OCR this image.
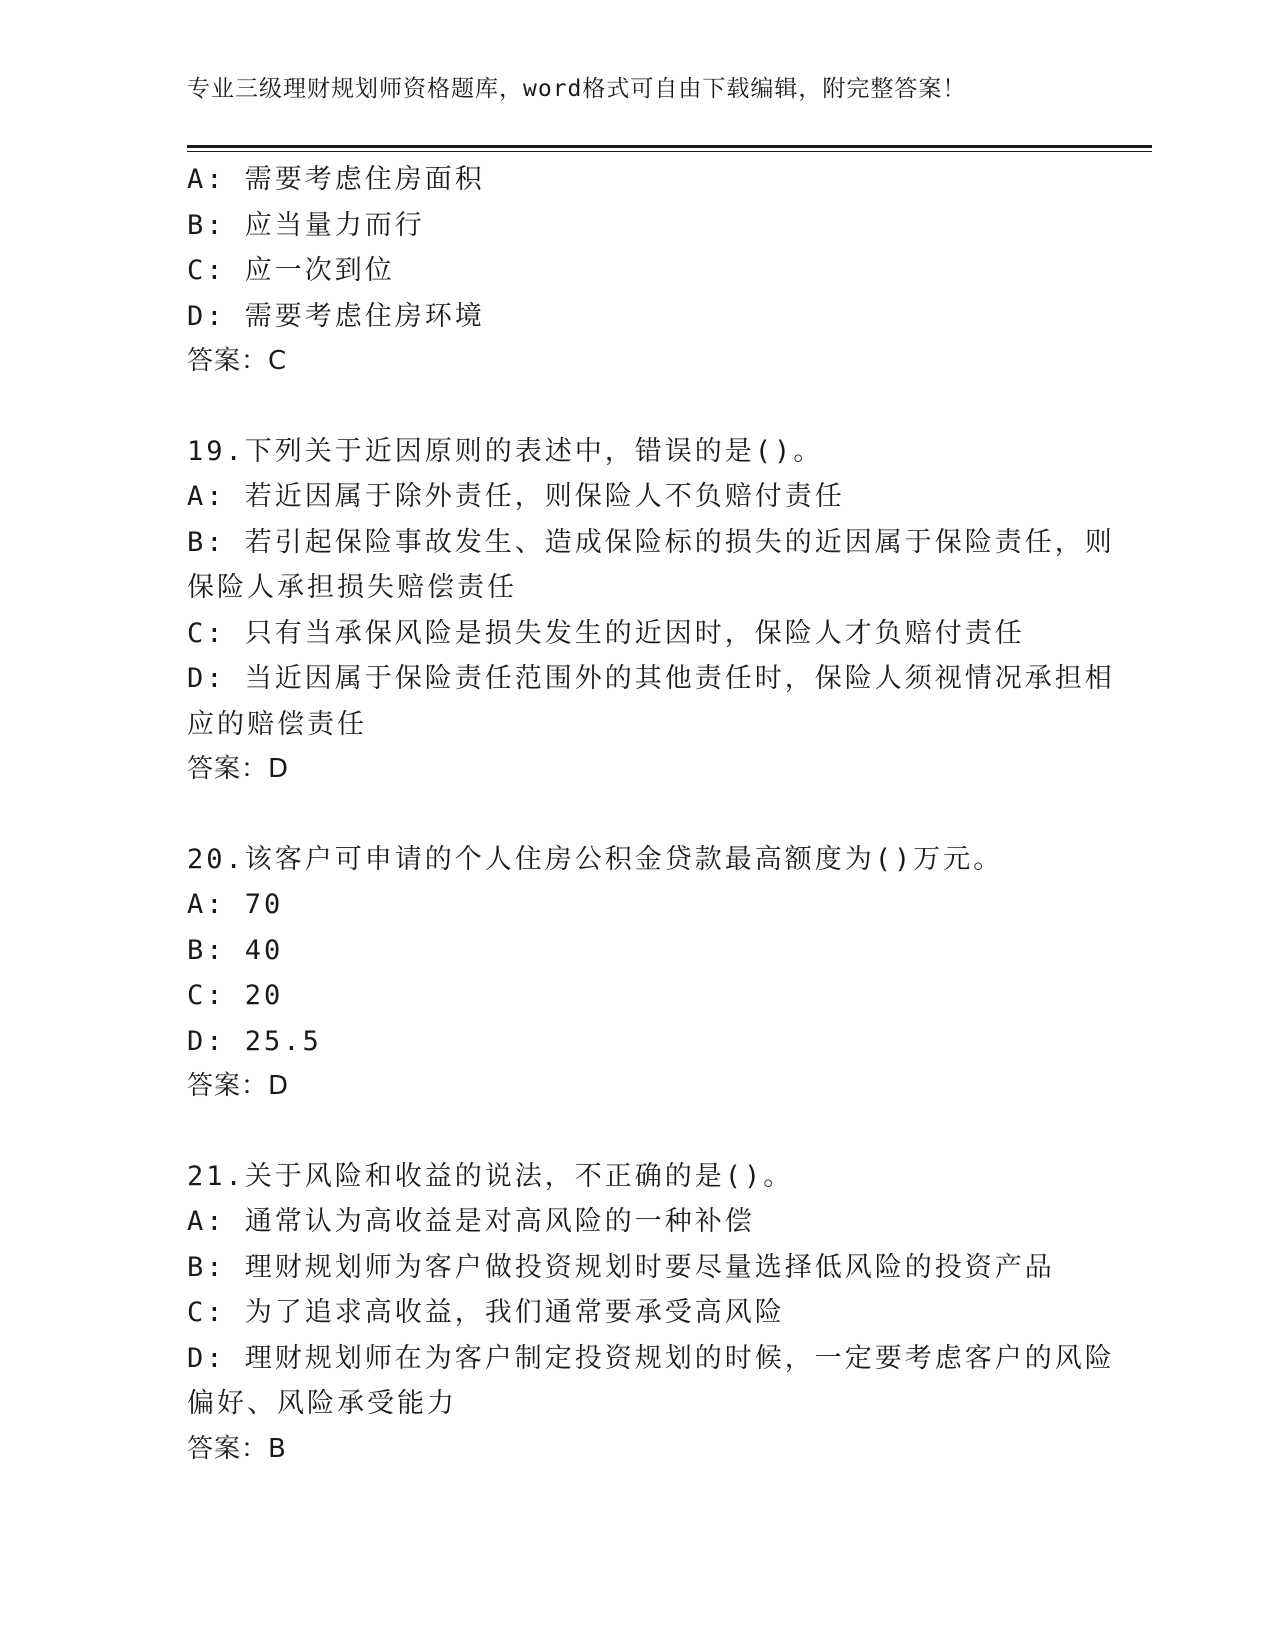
专业三级理财规划师资格题库，word格式可自由下载编辑，附完整答案！
A: 需要考虑住房面积
B: 应当量力而行
C: 应一次到位
D: 需要考虑住房环境
答案：C
19.下列关于近因原则的表述中，错误的是()。
A: 若近因属于除外责任，则保险人不负赔付责任
B: 若引起保险事故发生、造成保险标的损失的近因属于保险责任，则
保险人承担损失赔偿责任
C: 只有当承保风险是损失发生的近因时，保险人才负赔付责任
D: 当近因属于保险责任范围外的其他责任时，保险人须视情况承担相
应的赔偿责任
答案：D
20.该客户可申请的个人住房公积金贷款最高额度为()万元。
A: 70
B: 40
C: 20
D: 25.5
答案：D
21.关于风险和收益的说法，不正确的是()。
A: 通常认为高收益是对高风险的一种补偿
B: 理财规划师为客户做投资规划时要尽量选择低风险的投资产品
C: 为了追求高收益，我们通常要承受高风险
D: 理财规划师在为客户制定投资规划的时候，一定要考虑客户的风险
偏好、风险承受能力
答案：B
